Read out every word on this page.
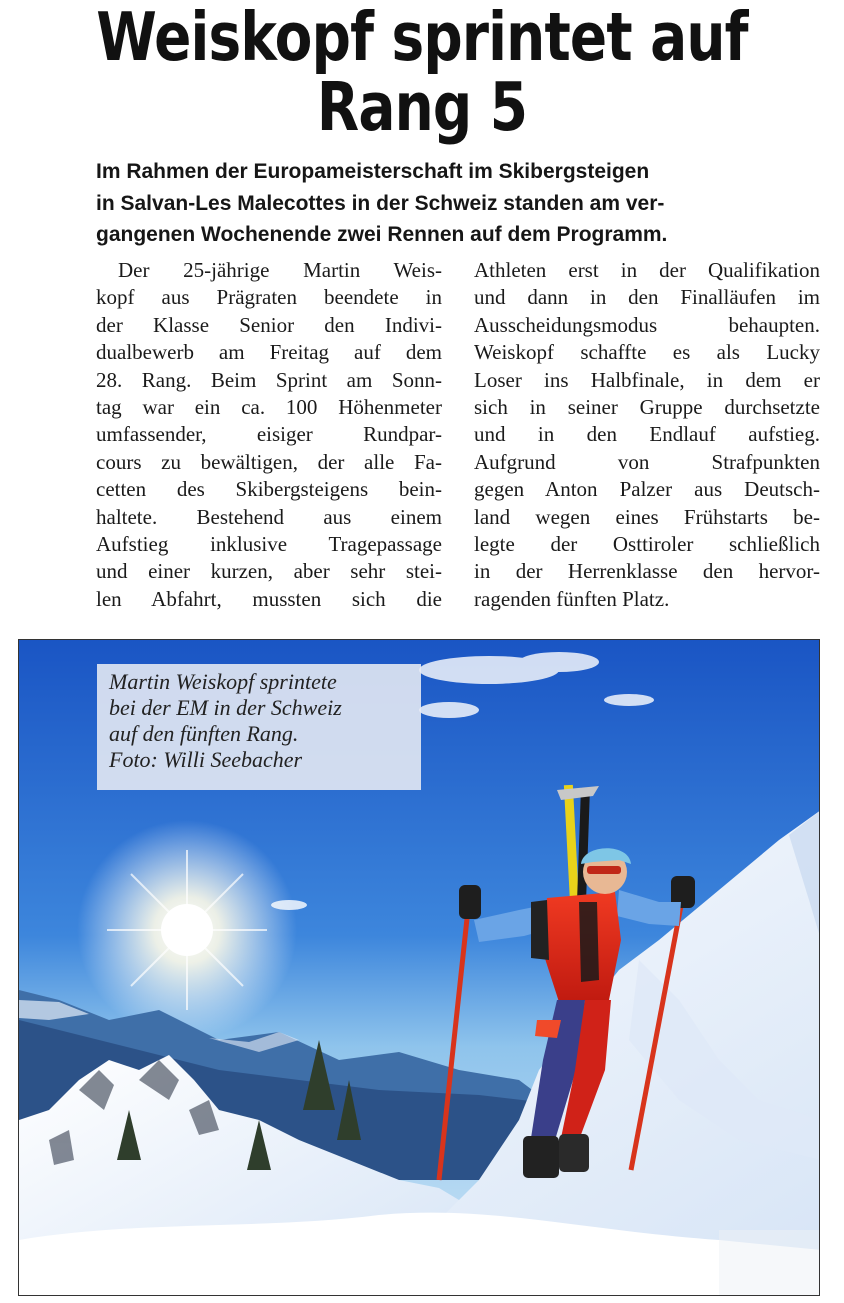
Weiskopf sprintet auf
Rang 5
Im Rahmen der Europameisterschaft im Skibergsteigen
in Salvan-Les Malecottes in der Schweiz standen am ver-
gangenen Wochenende zwei Rennen auf dem Programm.
Der 25-jährige Martin Weis-
kopf aus Prägraten beendete in
der Klasse Senior den Indivi-
dualbewerb am Freitag auf dem
28. Rang. Beim Sprint am Sonn-
tag war ein ca. 100 Höhenmeter
umfassender, eisiger Rundpar-
cours zu bewältigen, der alle Fa-
cetten des Skibergsteigens bein-
haltete. Bestehend aus einem
Aufstieg inklusive Tragepassage
und einer kurzen, aber sehr stei-
len Abfahrt, mussten sich die
Athleten erst in der Qualifikation
und dann in den Finalläufen im
Ausscheidungsmodus behaupten.
Weiskopf schaffte es als Lucky
Loser ins Halbfinale, in dem er
sich in seiner Gruppe durchsetzte
und in den Endlauf aufstieg.
Aufgrund von Strafpunkten
gegen Anton Palzer aus Deutsch-
land wegen eines Frühstarts be-
legte der Osttiroler schließlich
in der Herrenklasse den hervor-
ragenden fünften Platz.
Martin Weiskopf sprintete
bei der EM in der Schweiz
auf den fünften Rang.
Foto: Willi Seebacher
